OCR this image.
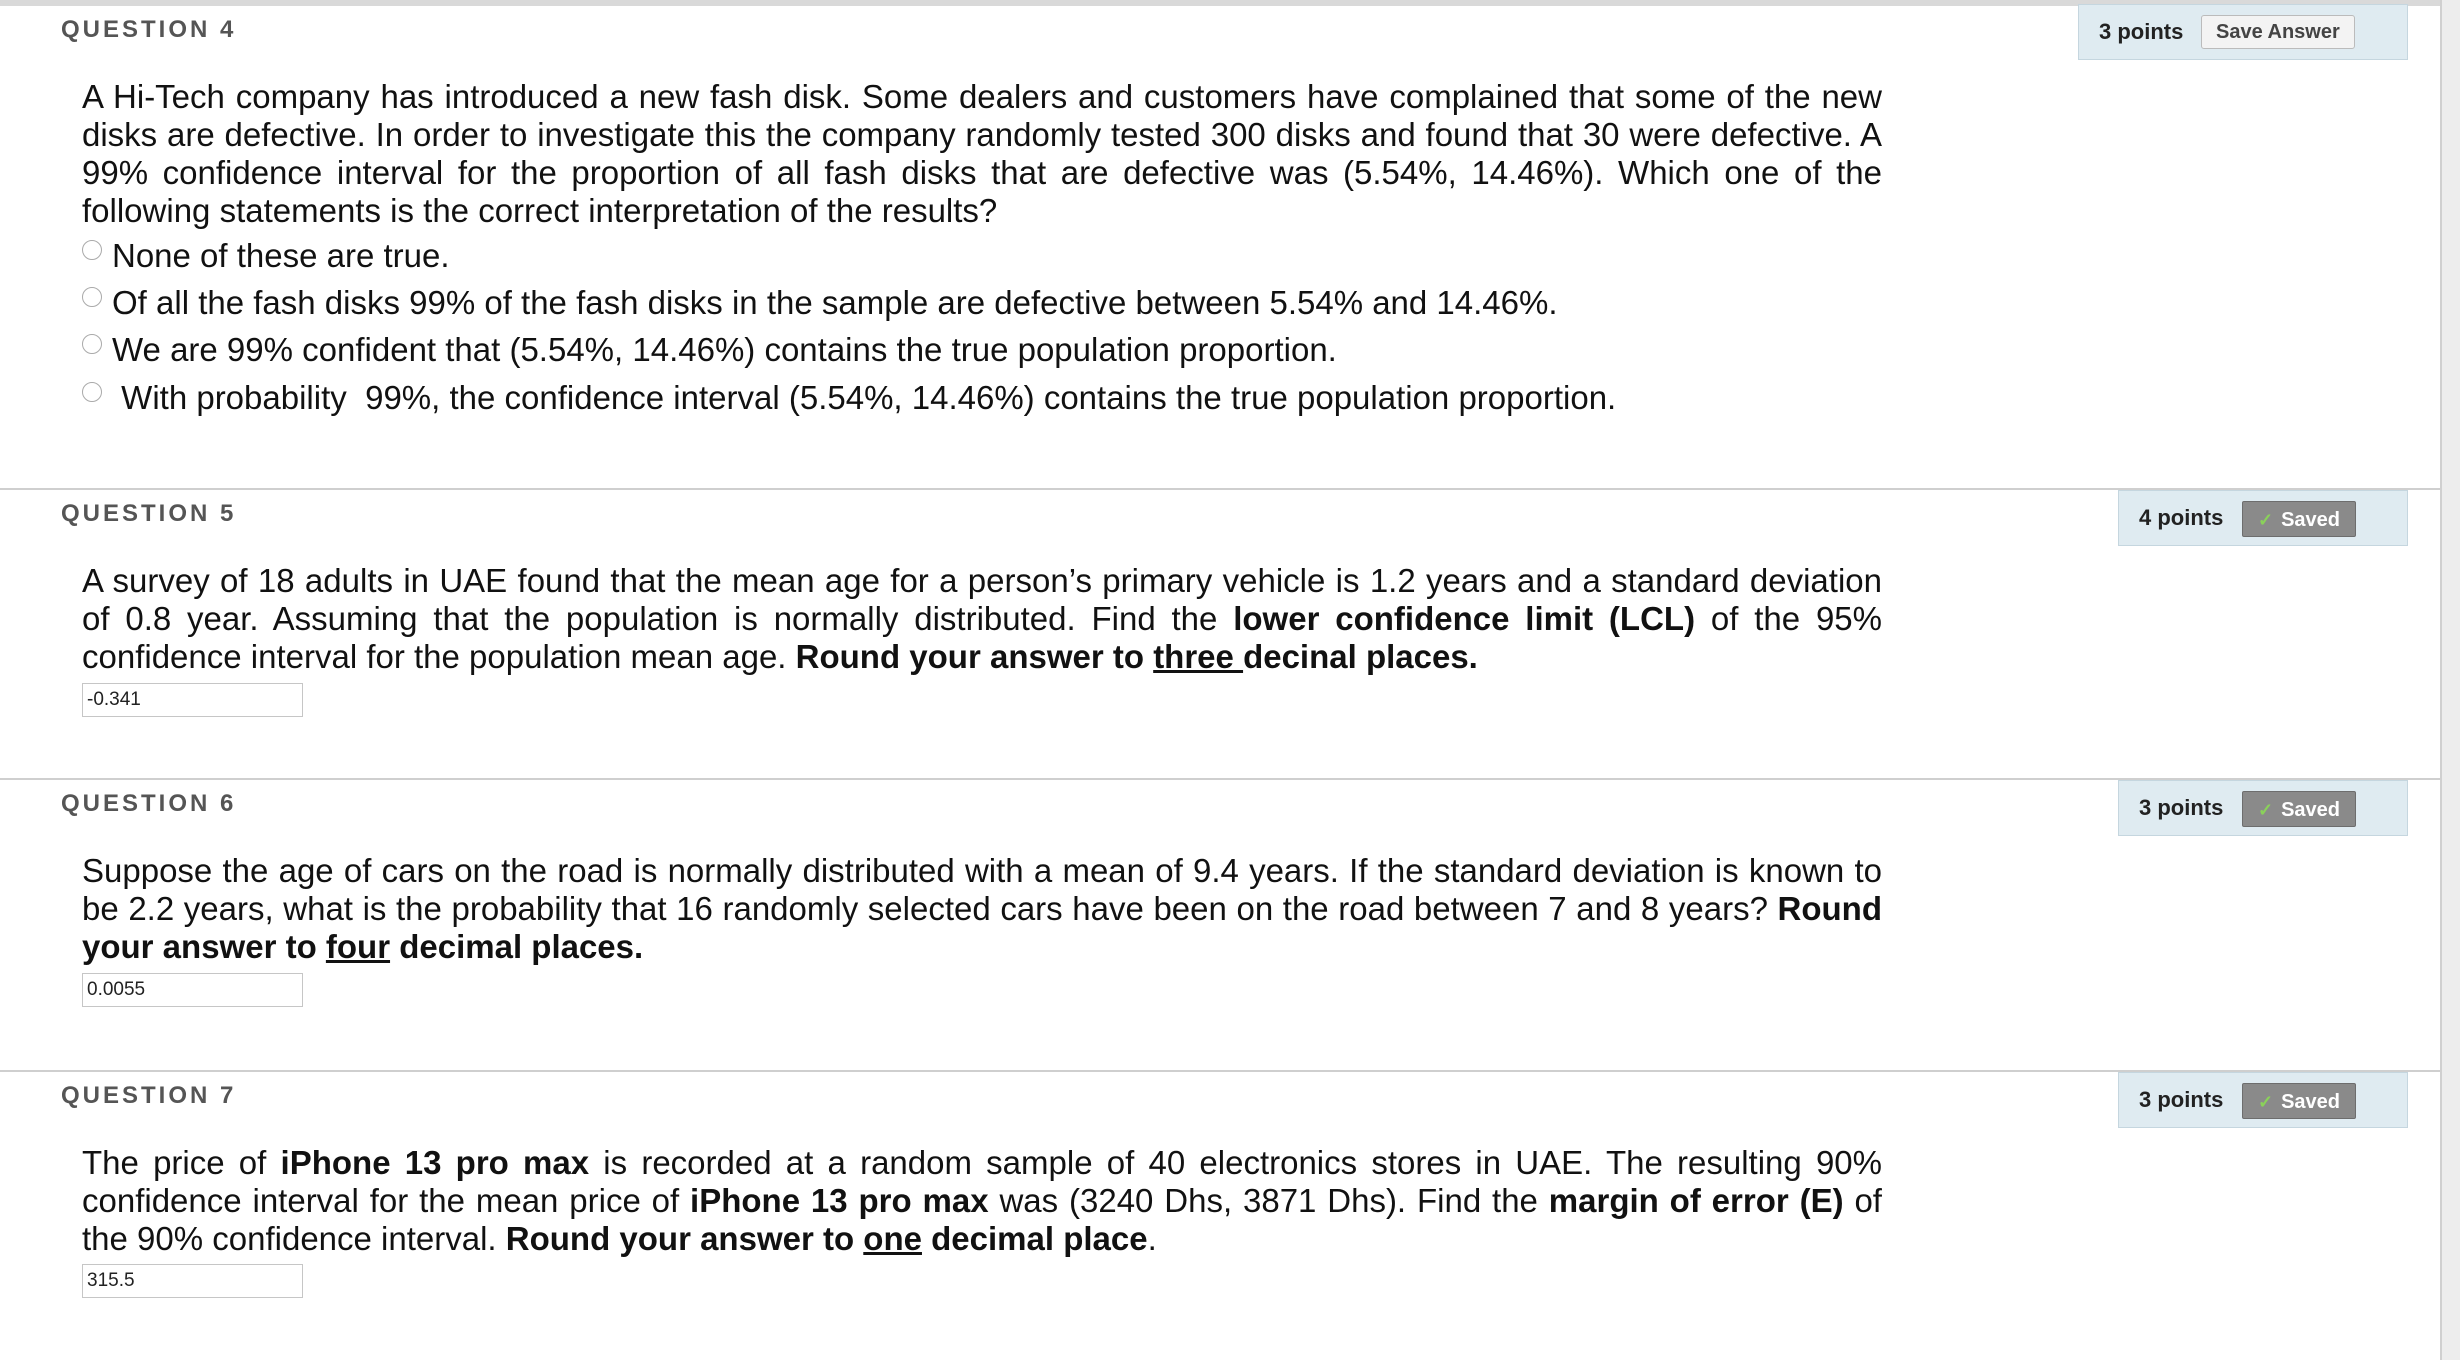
QUESTION 4	3 points	Save Answer
A Hi-Tech company has introduced a new fash disk. Some dealers and customers have complained that some of the new disks are defective. In order to investigate this the company randomly tested 300 disks and found that 30 were defective. A 99% confidence interval for the proportion of all fash disks that are defective was (5.54%, 14.46%). Which one of the following statements is the correct interpretation of the results?
None of these are true.
Of all the fash disks 99% of the fash disks in the sample are defective between 5.54% and 14.46%.
We are 99% confident that (5.54%, 14.46%) contains the true population proportion.
With probability  99%, the confidence interval (5.54%, 14.46%) contains the true population proportion.
QUESTION 5	4 points	✓ Saved
A survey of 18 adults in UAE found that the mean age for a person’s primary vehicle is 1.2 years and a standard deviation of 0.8 year. Assuming that the population is normally distributed. Find the lower confidence limit (LCL) of the 95% confidence interval for the population mean age. Round your answer to three decinal places.
-0.341
QUESTION 6	3 points	✓ Saved
Suppose the age of cars on the road is normally distributed with a mean of 9.4 years. If the standard deviation is known to be 2.2 years, what is the probability that 16 randomly selected cars have been on the road between 7 and 8 years? Round your answer to four decimal places.
0.0055
QUESTION 7	3 points	✓ Saved
The price of iPhone 13 pro max is recorded at a random sample of 40 electronics stores in UAE. The resulting 90% confidence interval for the mean price of iPhone 13 pro max was (3240 Dhs, 3871 Dhs). Find the margin of error (E) of the 90% confidence interval. Round your answer to one decimal place.
315.5
